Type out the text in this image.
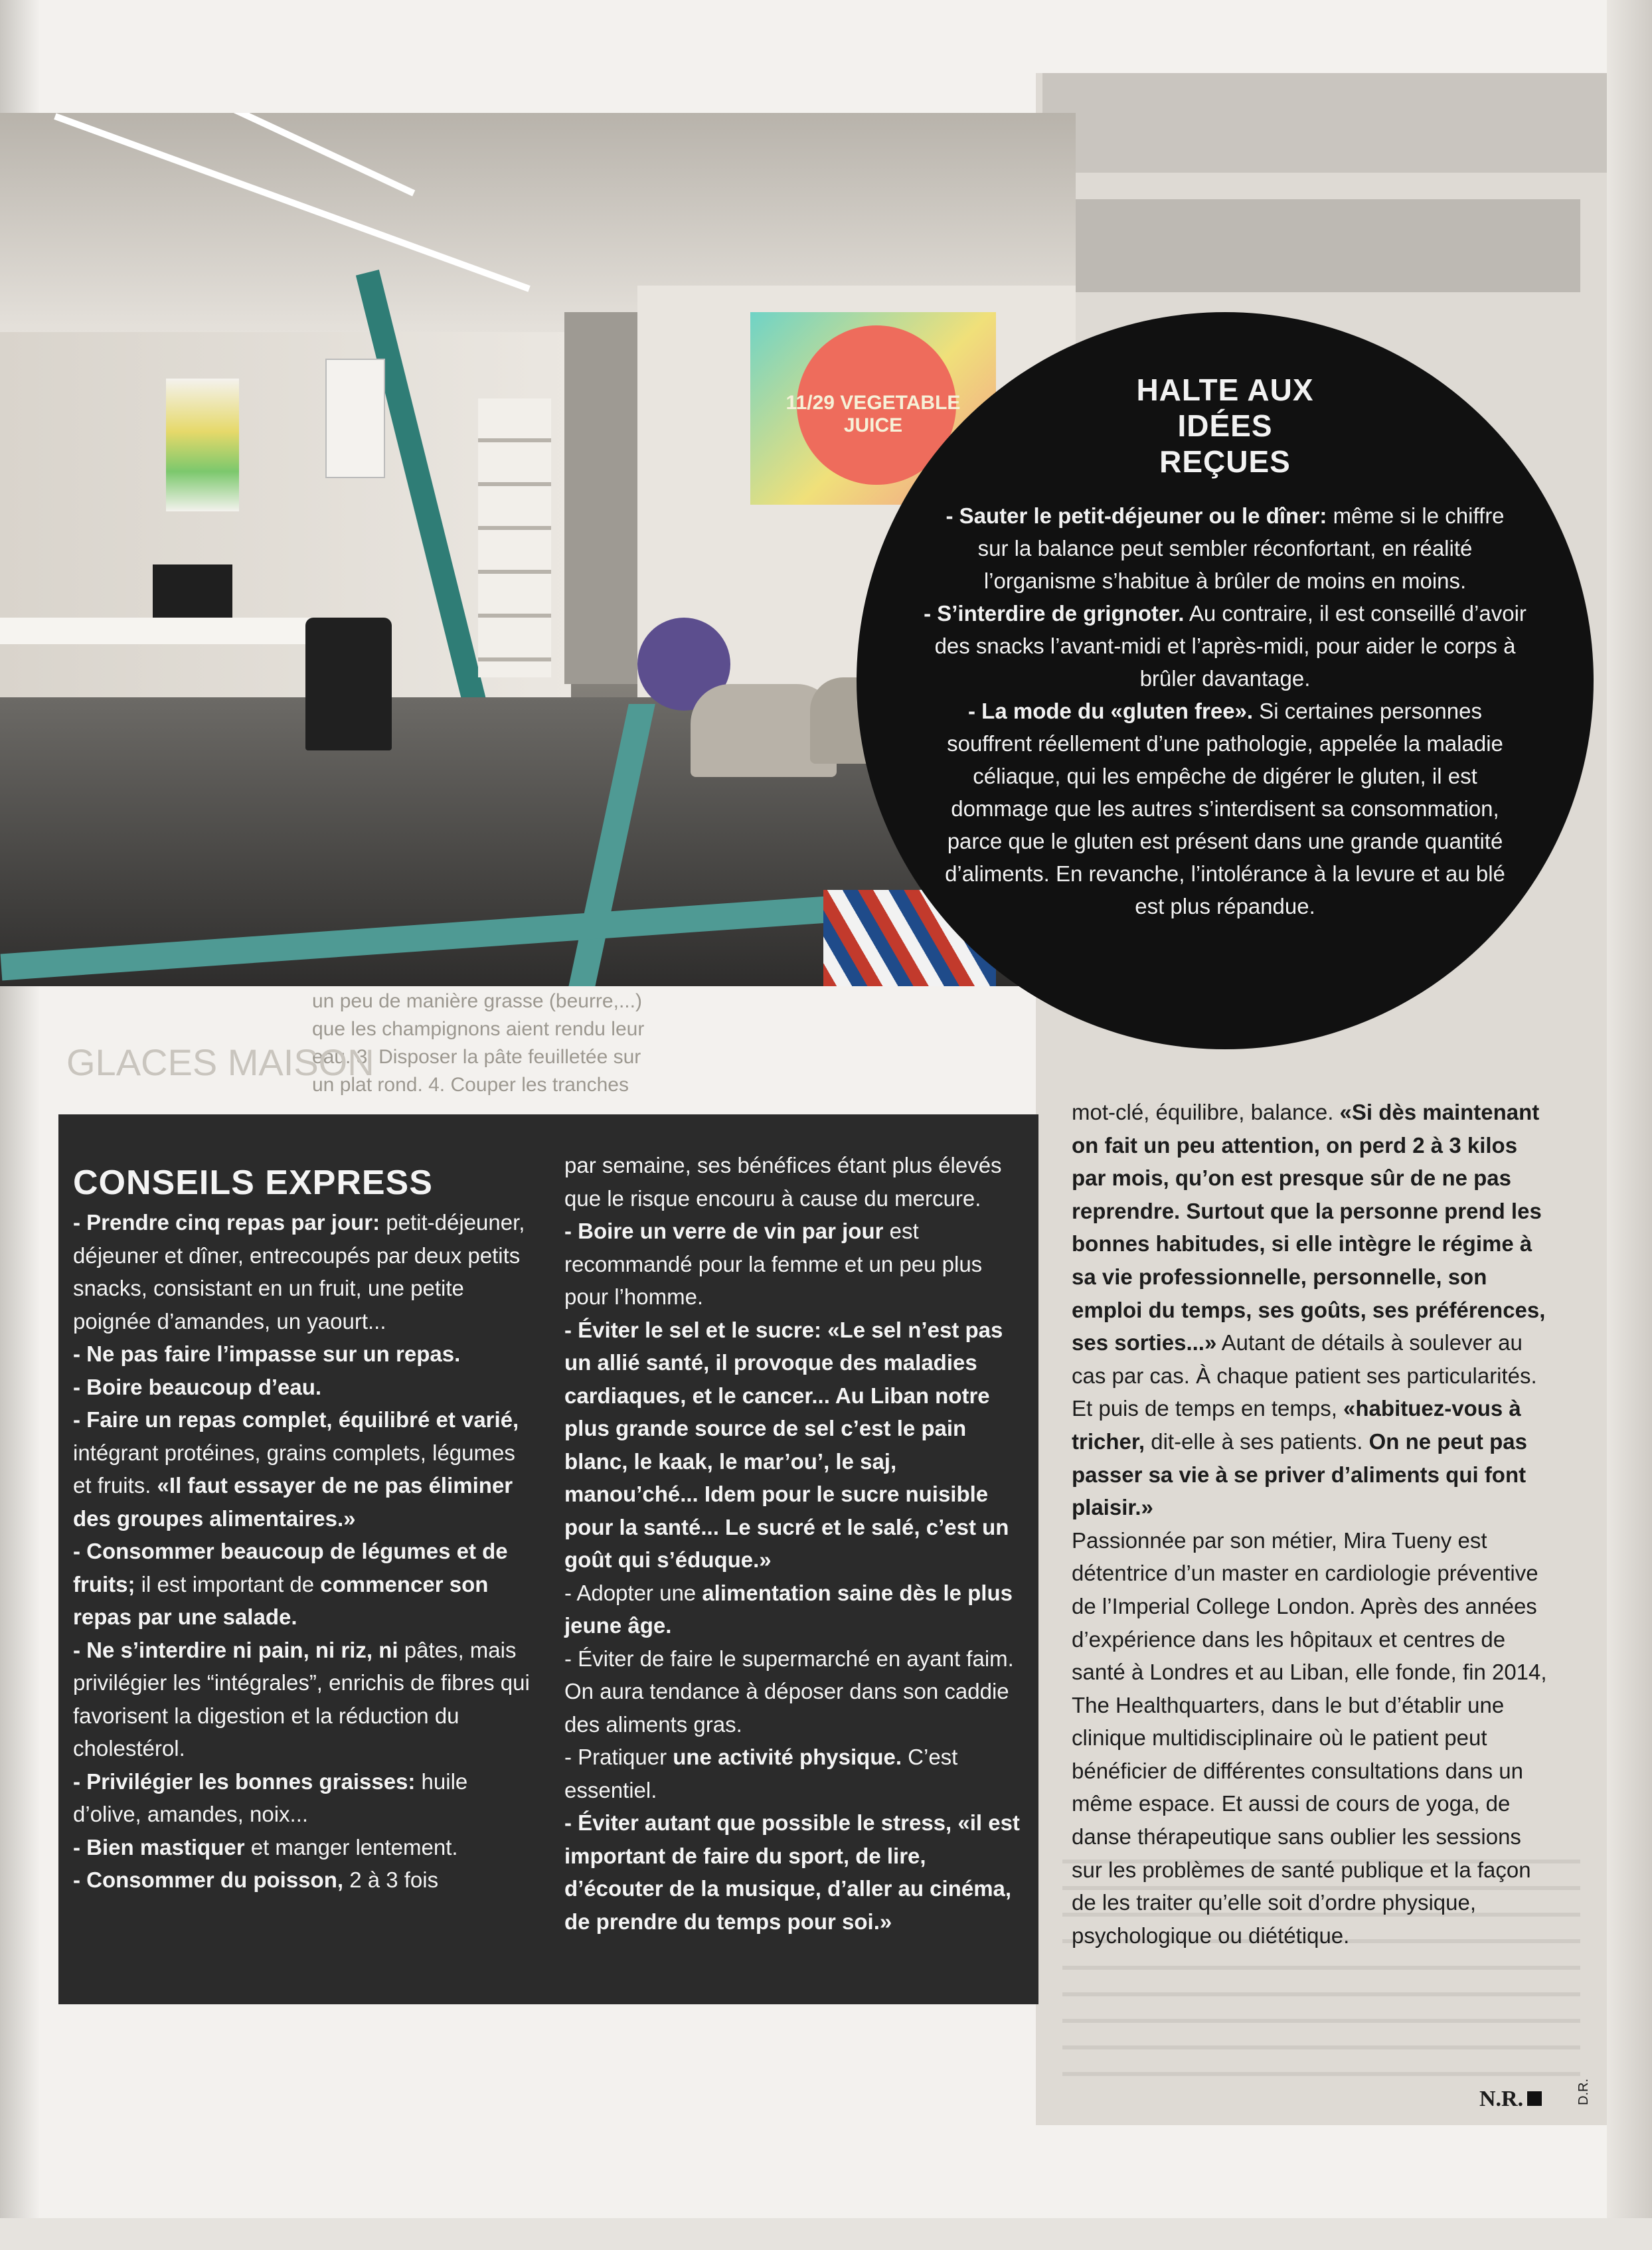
11/29 VEGETABLE JUICE
un peu de manière grasse (beurre,...)
que les champignons aient rendu leur
eau. 3. Disposer la pâte feuilletée sur
un plat rond. 4. Couper les tranches
GLACES MAISON
HALTE AUX IDÉES REÇUES
- Sauter le petit-déjeuner ou le dîner: même si le chiffre sur la balance peut sembler réconfortant, en réalité l’organisme s’habitue à brûler de moins en moins.
- S’interdire de grignoter. Au contraire, il est conseillé d’avoir des snacks l’avant-midi et l’après-midi, pour aider le corps à brûler davantage.
- La mode du «gluten free». Si certaines personnes souffrent réellement d’une pathologie, appelée la maladie céliaque, qui les empêche de digérer le gluten, il est dommage que les autres s’interdisent sa consommation, parce que le gluten est présent dans une grande quantité d’aliments. En revanche, l’intolérance à la levure et au blé est plus répandue.
CONSEILS EXPRESS

- Prendre cinq repas par jour: petit-déjeuner, déjeuner et dîner, entrecoupés par deux petits snacks, consistant en un fruit, une petite poignée d’amandes, un yaourt...

- Ne pas faire l’impasse sur un repas.

- Boire beaucoup d’eau.

- Faire un repas complet, équilibré et varié, intégrant protéines, grains complets, légumes et fruits. «Il faut essayer de ne pas éliminer des groupes alimentaires.»

- Consommer beaucoup de légumes et de fruits; il est important de commencer son repas par une salade.

- Ne s’interdire ni pain, ni riz, ni pâtes, mais privilégier les “intégrales”, enrichis de fibres qui favorisent la digestion et la réduction du cholestérol.

- Privilégier les bonnes graisses: huile d’olive, amandes, noix...

- Bien mastiquer et manger lentement.

- Consommer du poisson, 2 à 3 fois

par semaine, ses bénéfices étant plus élevés que le risque encouru à cause du mercure.

- Boire un verre de vin par jour est recommandé pour la femme et un peu plus pour l’homme.

- Éviter le sel et le sucre: «Le sel n’est pas un allié santé, il provoque des maladies cardiaques, et le cancer... Au Liban notre plus grande source de sel c’est le pain blanc, le kaak, le mar’ou’, le saj, manou’ché... Idem pour le sucre nuisible pour la santé... Le sucré et le salé, c’est un goût qui s’éduque.»

- Adopter une alimentation saine dès le plus jeune âge.

- Éviter de faire le supermarché en ayant faim. On aura tendance à déposer dans son caddie des aliments gras.

- Pratiquer une activité physique. C’est essentiel.

- Éviter autant que possible le stress, «il est important de faire du sport, de lire, d’écouter de la musique, d’aller au cinéma, de prendre du temps pour soi.»

mot-clé, équilibre, balance. «Si dès maintenant on fait un peu attention, on perd 2 à 3 kilos par mois, qu’on est presque sûr de ne pas reprendre. Surtout que la personne prend les bonnes habitudes, si elle intègre le régime à sa vie professionnelle, personnelle, son emploi du temps, ses goûts, ses préférences, ses sorties...» Autant de détails à soulever au cas par cas. À chaque patient ses particularités. Et puis de temps en temps, «habituez-vous à tricher, dit-elle à ses patients. On ne peut pas passer sa vie à se priver d’aliments qui font plaisir.»

Passionnée par son métier, Mira Tueny est détentrice d’un master en cardiologie préventive de l’Imperial College London. Après des années d’expérience dans les hôpitaux et centres de santé à Londres et au Liban, elle fonde, fin 2014, The Healthquarters, dans le but d’établir une clinique multidisciplinaire où le patient peut bénéficier de différentes consultations dans un même espace. Et aussi de cours de yoga, de danse thérapeutique sans oublier les sessions sur les problèmes de santé publique et la façon de les traiter qu’elle soit d’ordre physique, psychologique ou diététique.

N.R.	D.R.
